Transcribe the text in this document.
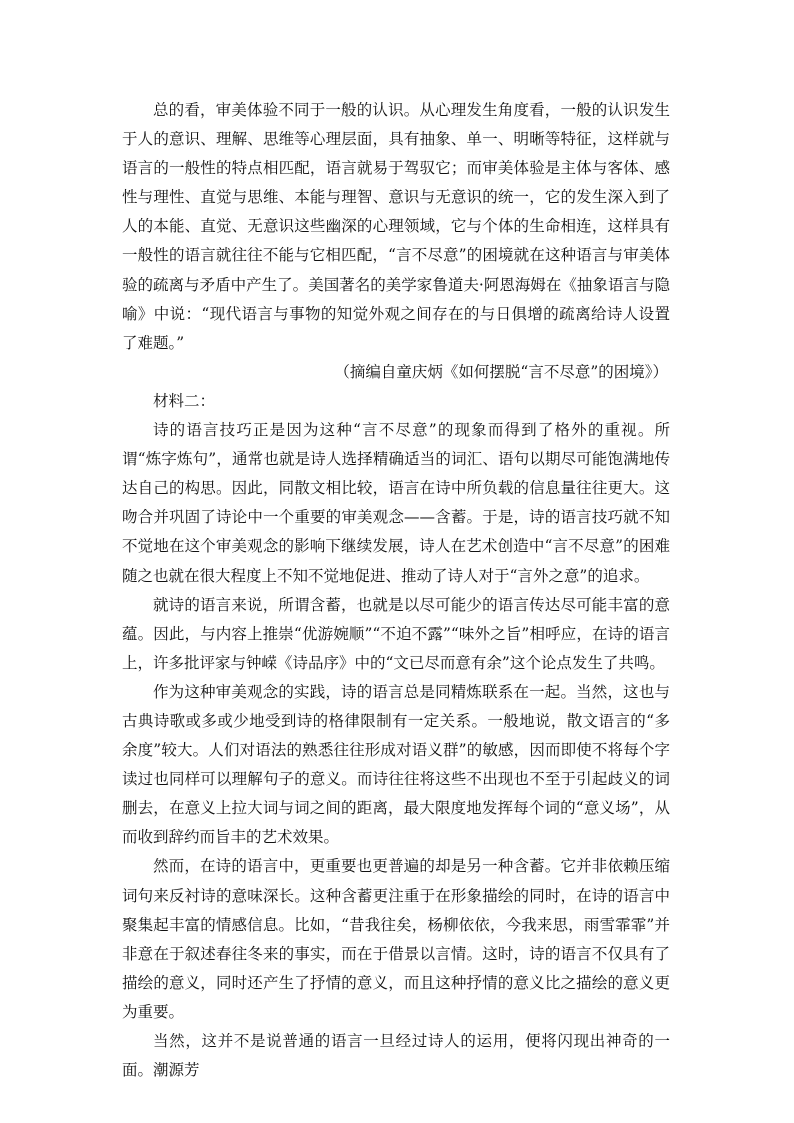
总的看，审美体验不同于一般的认识。从心理发生角度看，一般的认识发生于人的意识、理解、思维等心理层面，具有抽象、单一、明晰等特征，这样就与语言的一般性的特点相匹配，语言就易于驾驭它；而审美体验是主体与客体、感性与理性、直觉与思维、本能与理智、意识与无意识的统一，它的发生深入到了人的本能、直觉、无意识这些幽深的心理领域，它与个体的生命相连，这样具有一般性的语言就往往不能与它相匹配，“言不尽意”的困境就在这种语言与审美体验的疏离与矛盾中产生了。美国著名的美学家鲁道夫·阿恩海姆在《抽象语言与隐喻》中说：“现代语言与事物的知觉外观之间存在的与日俱增的疏离给诗人设置了难题。”

（摘编自童庆炳《如何摆脱“言不尽意”的困境》）

材料二：

诗的语言技巧正是因为这种“言不尽意”的现象而得到了格外的重视。所谓“炼字炼句”，通常也就是诗人选择精确适当的词汇、语句以期尽可能饱满地传达自己的构思。因此，同散文相比较，语言在诗中所负载的信息量往往更大。这吻合并巩固了诗论中一个重要的审美观念——含蓄。于是，诗的语言技巧就不知不觉地在这个审美观念的影响下继续发展，诗人在艺术创造中“言不尽意”的困难随之也就在很大程度上不知不觉地促进、推动了诗人对于“言外之意”的追求。

就诗的语言来说，所谓含蓄，也就是以尽可能少的语言传达尽可能丰富的意蕴。因此，与内容上推崇“优游婉顺”“不迫不露”“味外之旨”相呼应，在诗的语言上，许多批评家与钟嵘《诗品序》中的“文已尽而意有余”这个论点发生了共鸣。

作为这种审美观念的实践，诗的语言总是同精炼联系在一起。当然，这也与古典诗歌或多或少地受到诗的格律限制有一定关系。一般地说，散文语言的“多余度”较大。人们对语法的熟悉往往形成对语义群”的敏感，因而即使不将每个字读过也同样可以理解句子的意义。而诗往往将这些不出现也不至于引起歧义的词删去，在意义上拉大词与词之间的距离，最大限度地发挥每个词的“意义场”，从而收到辞约而旨丰的艺术效果。

然而，在诗的语言中，更重要也更普遍的却是另一种含蓄。它并非依赖压缩词句来反衬诗的意味深长。这种含蓄更注重于在形象描绘的同时，在诗的语言中聚集起丰富的情感信息。比如，“昔我往矣，杨柳依依，今我来思，雨雪霏霏”并非意在于叙述春往冬来的事实，而在于借景以言情。这时，诗的语言不仅具有了描绘的意义，同时还产生了抒情的意义，而且这种抒情的意义比之描绘的意义更为重要。

当然，这并不是说普通的语言一旦经过诗人的运用，便将闪现出神奇的一面。潮源芳
